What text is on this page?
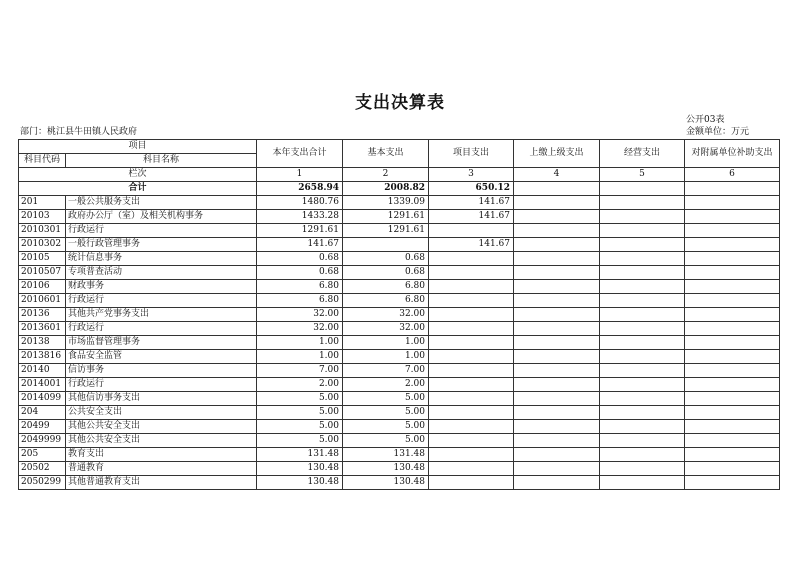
支出决算表
公开03表
金额单位：万元
部门：桃江县牛田镇人民政府
项目		本年支出合计	基本支出	项目支出	上缴上级支出	经营支出	对附属单位补助支出
科目代码	科目名称						
栏次		1	2	3	4	5	6
合计		2658.94	2008.82	650.12			
201	一般公共服务支出	1480.76	1339.09	141.67			
20103	政府办公厅（室）及相关机构事务	1433.28	1291.61	141.67			
2010301	行政运行	1291.61	1291.61				
2010302	一般行政管理事务	141.67		141.67			
20105	统计信息事务	0.68	0.68				
2010507	专项普查活动	0.68	0.68				
20106	财政事务	6.80	6.80				
2010601	行政运行	6.80	6.80				
20136	其他共产党事务支出	32.00	32.00				
2013601	行政运行	32.00	32.00				
20138	市场监督管理事务	1.00	1.00				
2013816	食品安全监管	1.00	1.00				
20140	信访事务	7.00	7.00				
2014001	行政运行	2.00	2.00				
2014099	其他信访事务支出	5.00	5.00				
204	公共安全支出	5.00	5.00				
20499	其他公共安全支出	5.00	5.00				
2049999	其他公共安全支出	5.00	5.00				
205	教育支出	131.48	131.48				
20502	普通教育	130.48	130.48				
2050299	其他普通教育支出	130.48	130.48				
